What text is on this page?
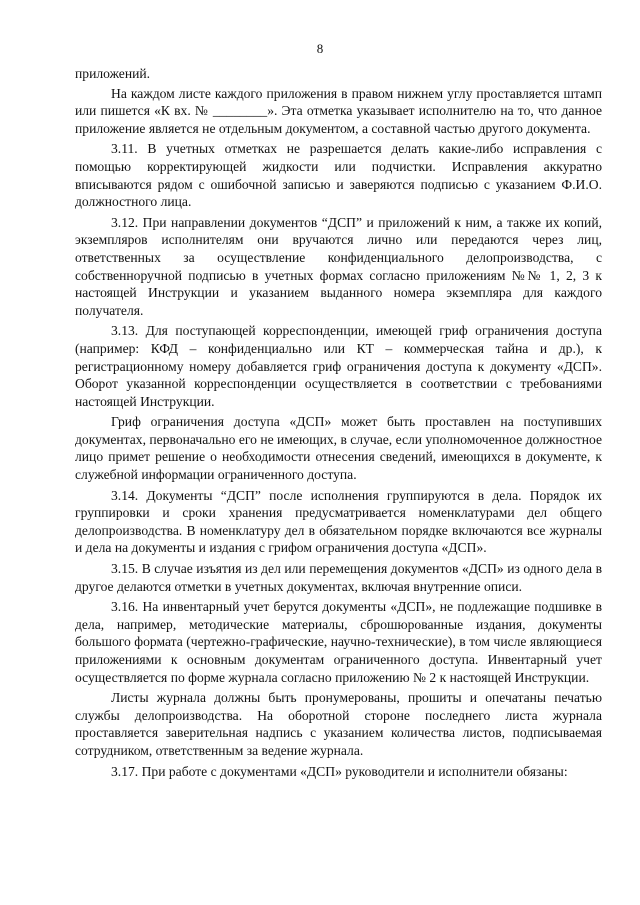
8

приложений.

На каждом листе каждого приложения в правом нижнем углу проставляется штамп или пишется «К вх. № ________». Эта отметка указывает исполнителю на то, что данное приложение является не отдельным документом, а составной частью другого документа.

3.11. В учетных отметках не разрешается делать какие-либо исправления с помощью корректирующей жидкости или подчистки. Исправления аккуратно вписываются рядом с ошибочной записью и заверяются подписью с указанием Ф.И.О. должностного лица.

3.12. При направлении документов “ДСП” и приложений к ним, а также их копий, экземпляров исполнителям они вручаются лично или передаются через лиц, ответственных за осуществление конфиденциального делопроизводства, с собственноручной подписью в учетных формах согласно приложениям №№ 1, 2, 3 к настоящей Инструкции и указанием выданного номера экземпляра для каждого получателя.

3.13. Для поступающей корреспонденции, имеющей гриф ограничения доступа (например: КФД – конфиденциально или КТ – коммерческая тайна и др.), к регистрационному номеру добавляется гриф ограничения доступа к документу «ДСП». Оборот указанной корреспонденции осуществляется в соответствии с требованиями настоящей Инструкции.

Гриф ограничения доступа «ДСП» может быть проставлен на поступивших документах, первоначально его не имеющих, в случае, если уполномоченное должностное лицо примет решение о необходимости отнесения сведений, имеющихся в документе, к служебной информации ограниченного доступа.

3.14. Документы “ДСП” после исполнения группируются в дела. Порядок их группировки и сроки хранения предусматривается номенклатурами дел общего делопроизводства. В номенклатуру дел в обязательном порядке включаются все журналы и дела на документы и издания с грифом ограничения доступа «ДСП».

3.15. В случае изъятия из дел или перемещения документов «ДСП» из одного дела в другое делаются отметки в учетных документах, включая внутренние описи.

3.16. На инвентарный учет берутся документы «ДСП», не подлежащие подшивке в дела, например, методические материалы, сброшюрованные издания, документы большого формата (чертежно-графические, научно-технические), в том числе являющиеся приложениями к основным документам ограниченного доступа. Инвентарный учет осуществляется по форме журнала согласно приложению № 2 к настоящей Инструкции.

Листы журнала должны быть пронумерованы, прошиты и опечатаны печатью службы делопроизводства. На оборотной стороне последнего листа журнала проставляется заверительная надпись с указанием количества листов, подписываемая сотрудником, ответственным за ведение журнала.

3.17. При работе с документами «ДСП» руководители и исполнители обязаны:
